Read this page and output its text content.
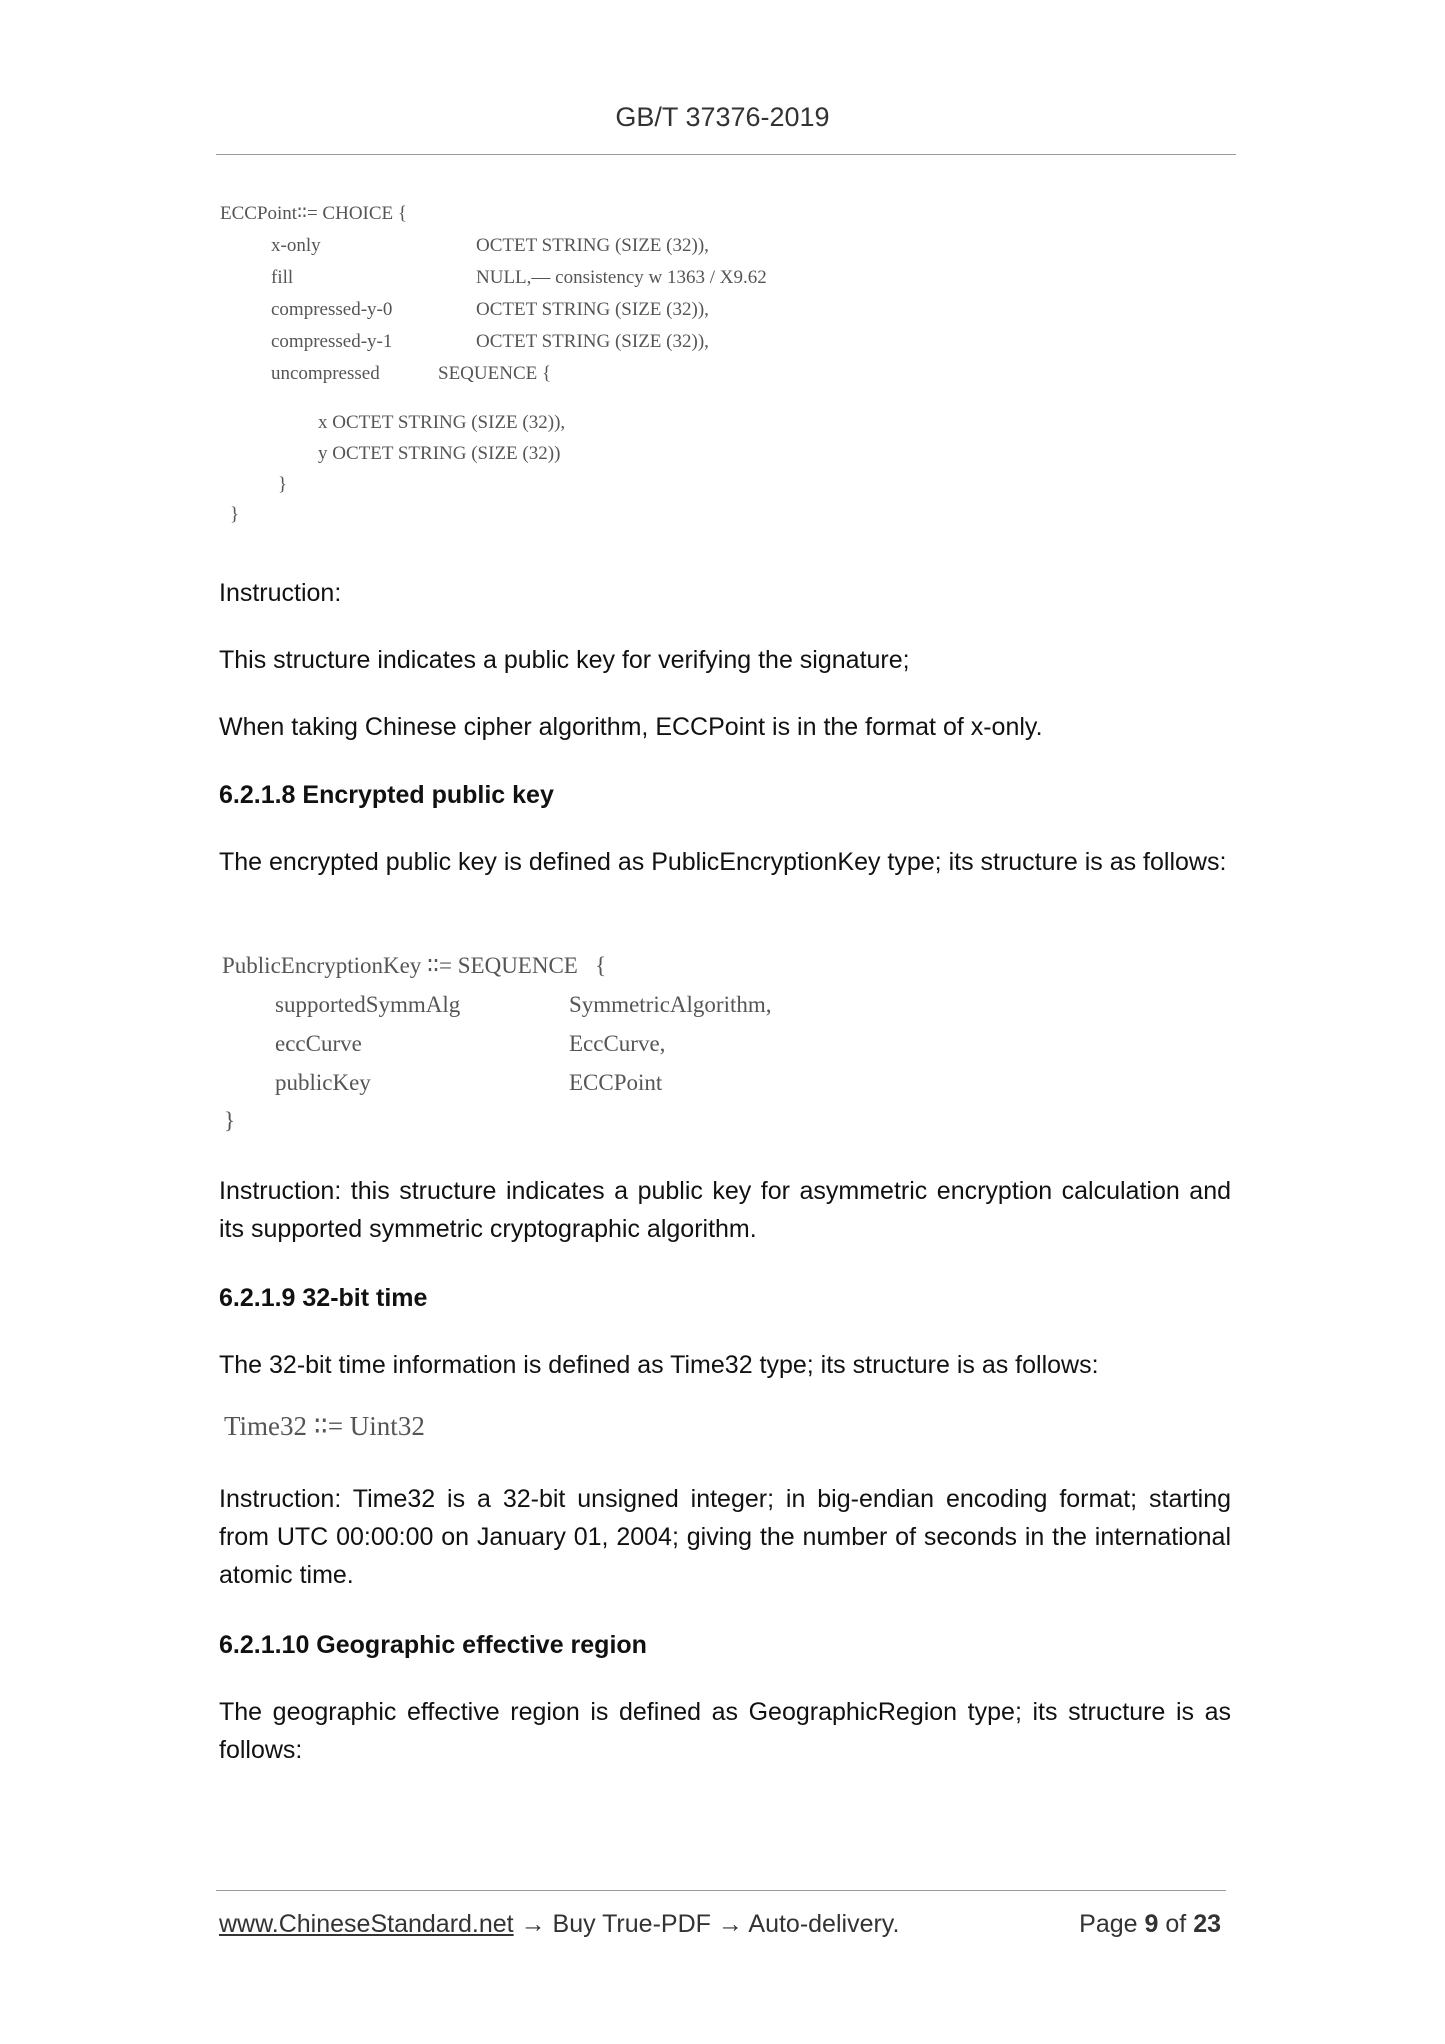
GB/T 37376-2019
ECCPoint∶∶= CHOICE {
x-only	OCTET STRING (SIZE (32)),
fill	NULL,— consistency w 1363 / X9.62
compressed-y-0	OCTET STRING (SIZE (32)),
compressed-y-1	OCTET STRING (SIZE (32)),
uncompressed	SEQUENCE {
x OCTET STRING (SIZE (32)),
y OCTET STRING (SIZE (32))
}
}

Instruction:

This structure indicates a public key for verifying the signature;

When taking Chinese cipher algorithm, ECCPoint is in the format of x-only.

6.2.1.8 Encrypted public key

The encrypted public key is defined as PublicEncryptionKey type; its structure is as follows:

PublicEncryptionKey ∶∶= SEQUENCE   {
supportedSymmAlg	SymmetricAlgorithm,
eccCurve	EccCurve,
publicKey	ECCPoint
}

Instruction: this structure indicates a public key for asymmetric encryption calculation and its supported symmetric cryptographic algorithm.

6.2.1.9 32-bit time

The 32-bit time information is defined as Time32 type; its structure is as follows:

Time32 ∶∶= Uint32

Instruction: Time32 is a 32-bit unsigned integer; in big-endian encoding format; starting from UTC 00:00:00 on January 01, 2004; giving the number of seconds in the international atomic time.

6.2.1.10 Geographic effective region

The geographic effective region is defined as GeographicRegion type; its structure is as follows:

www.ChineseStandard.net → Buy True-PDF → Auto-delivery.	Page 9 of 23
